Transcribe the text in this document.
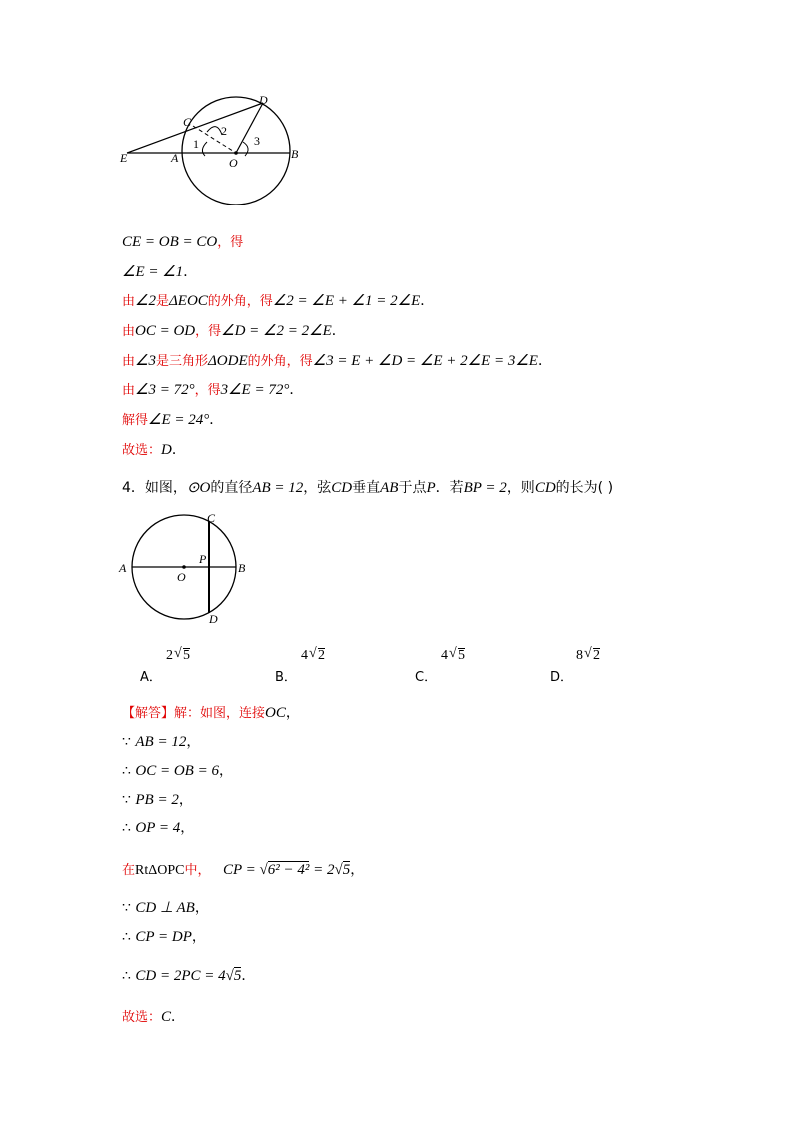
C
D
E	A	O
B
1
2
3
CE = OB = CO，得
∠E = ∠1．
由∠2是ΔEOC的外角，得∠2 = ∠E + ∠1 = 2∠E．
由OC = OD，得∠D = ∠2 = 2∠E．
由∠3是三角形ΔODE的外角，得∠3 = E + ∠D = ∠E + 2∠E = 3∠E．
由∠3 = 72°，得3∠E = 72°．
解得∠E = 24°．
故选：D．
4．如图，⊙O的直径AB = 12，弦CD垂直AB于点P．若BP = 2，则CD的长为( )
C
P
A
O
B
D
2 √ 5
A．
4 √ 2
B．
4 √ 5
C．
8 √ 2
D．
【解答】解：如图，连接OC，
∵ AB = 12，
∴ OC = OB = 6，
∵ PB = 2，
∴ OP = 4，
在RtΔOPC中， CP = √6² − 4² = 2√5，
∵ CD ⊥ AB，
∴ CP = DP，
∴ CD = 2PC = 4√5．
故选：C．
